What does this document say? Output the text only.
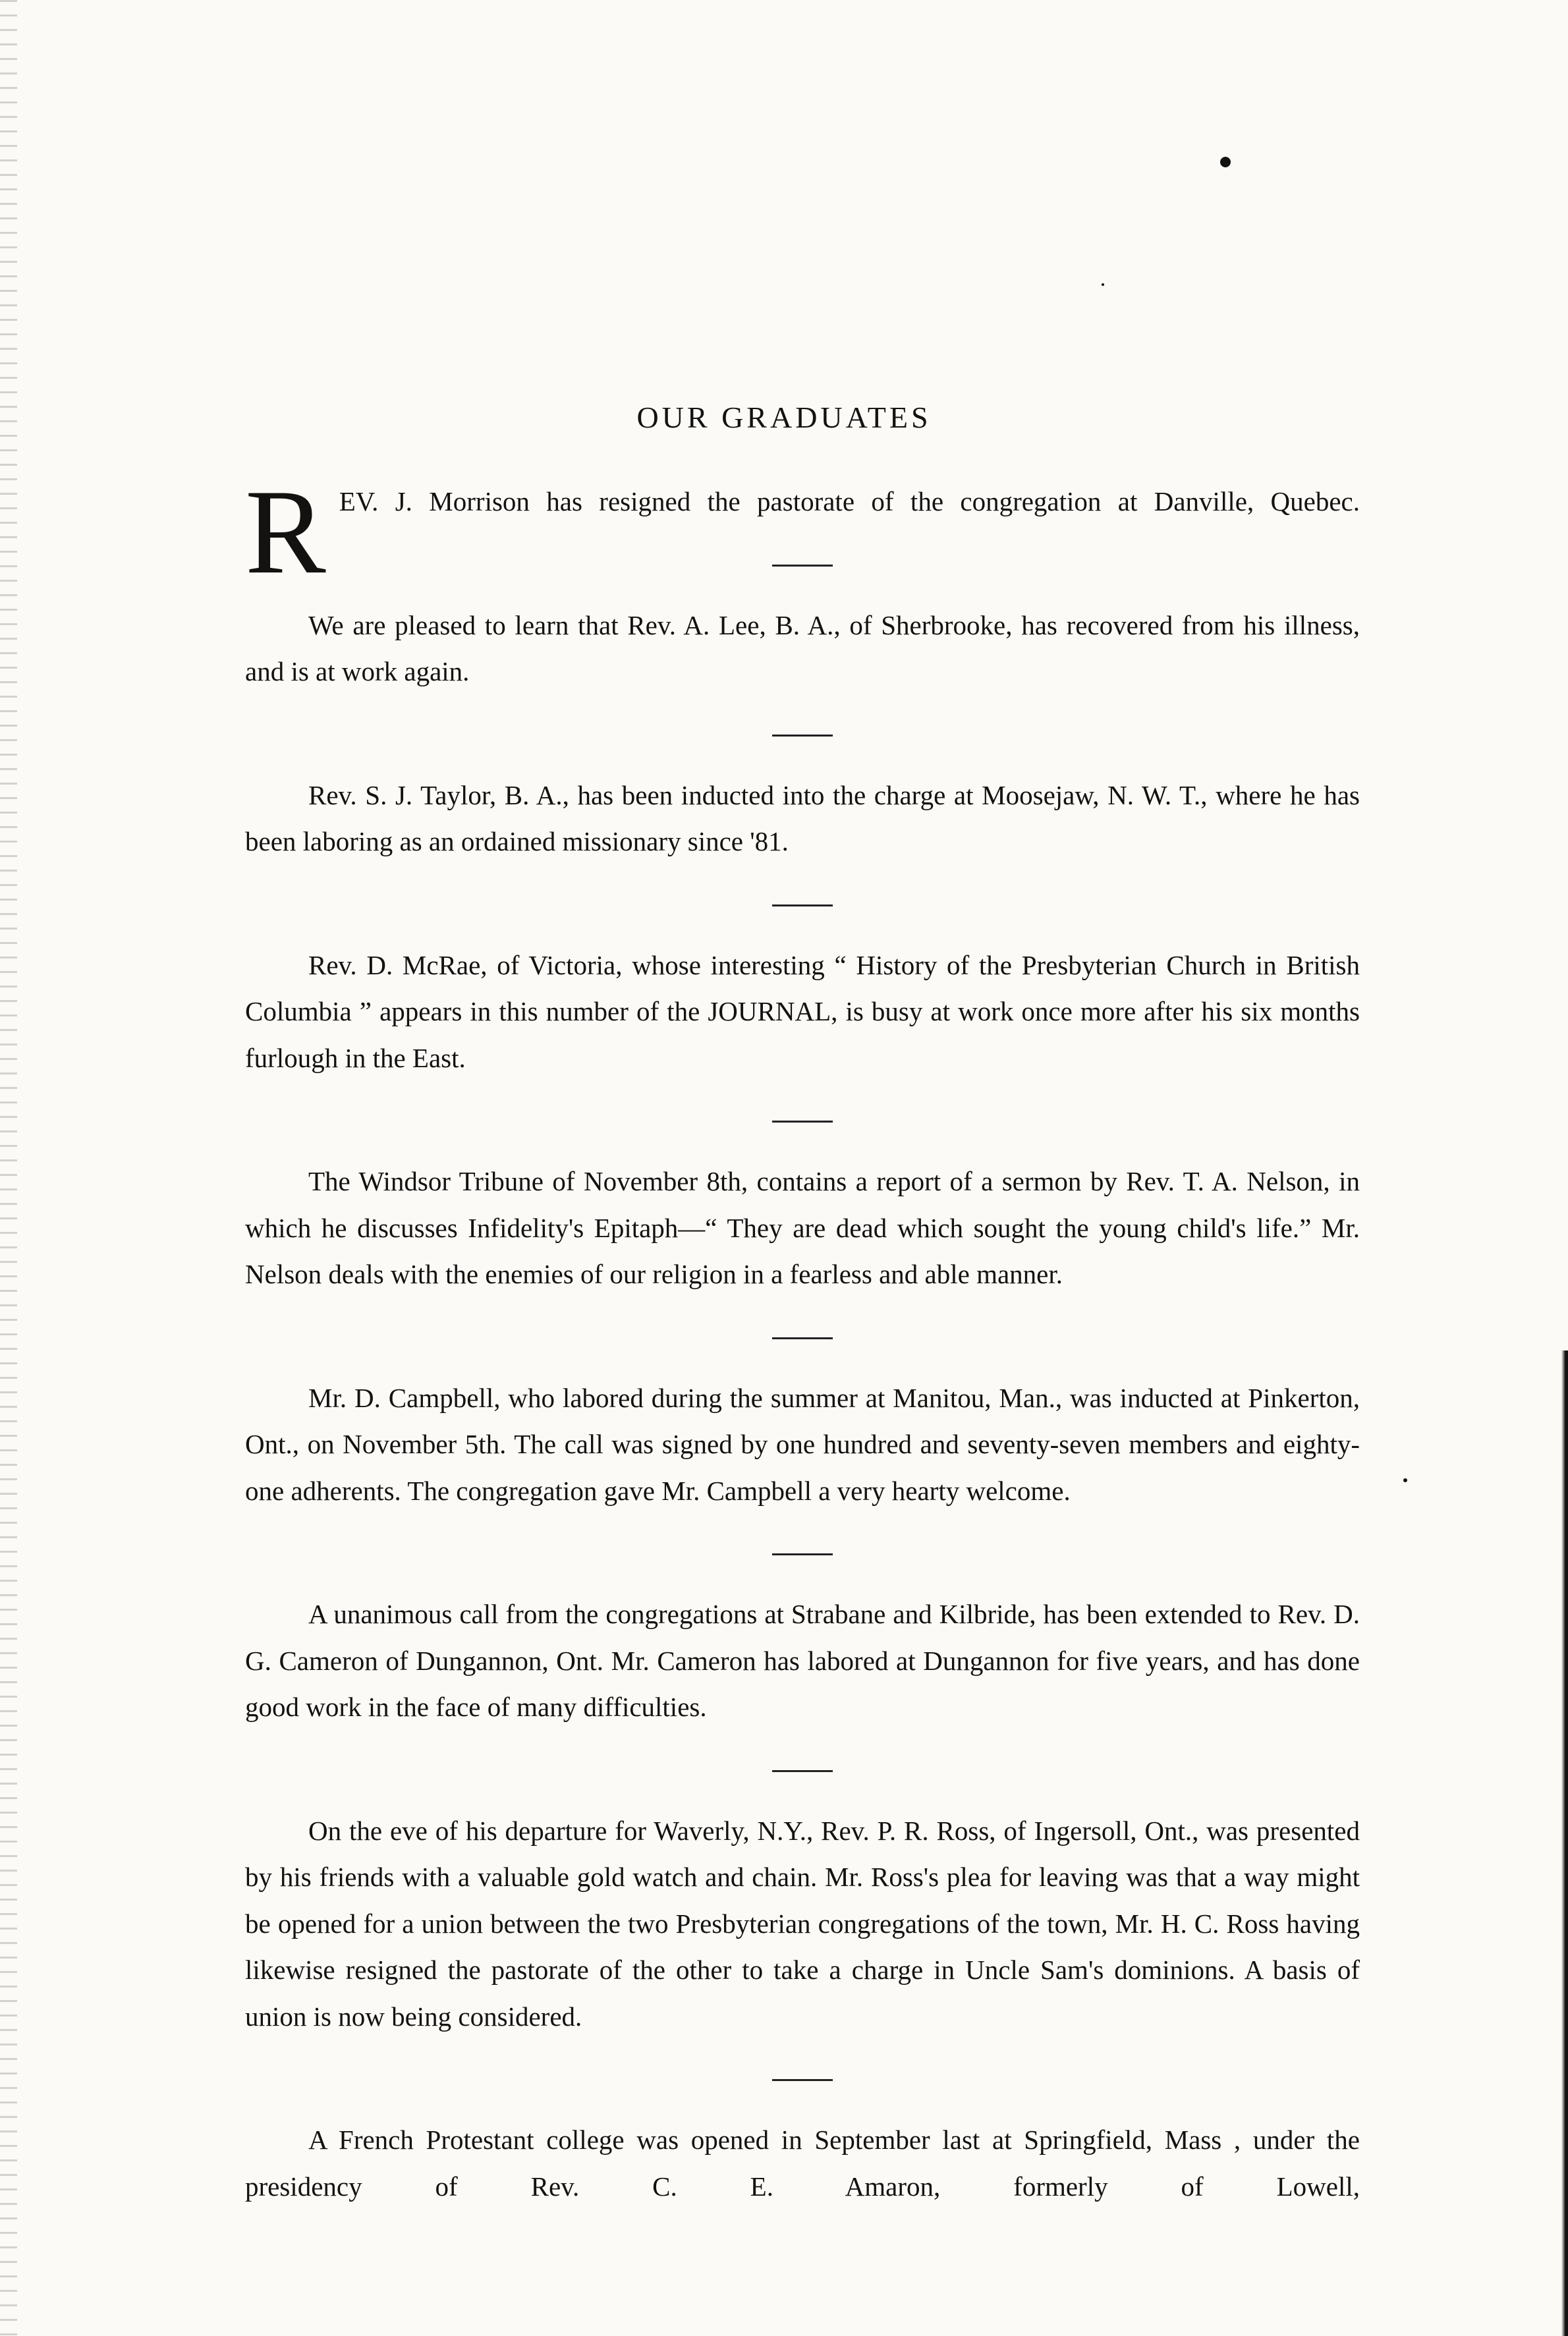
OUR GRADUATES

REV. J. Morrison has resigned the pastorate of the congregation at Danville, Quebec.

We are pleased to learn that Rev. A. Lee, B. A., of Sherbrooke, has recovered from his illness, and is at work again.

Rev. S. J. Taylor, B. A., has been inducted into the charge at Moosejaw, N. W. T., where he has been laboring as an ordained missionary since '81.

Rev. D. McRae, of Victoria, whose interesting “ History of the Presbyterian Church in British Columbia ” appears in this number of the JOURNAL, is busy at work once more after his six months furlough in the East.

The Windsor Tribune of November 8th, contains a report of a sermon by Rev. T. A. Nelson, in which he discusses Infidelity's Epitaph—“ They are dead which sought the young child's life.” Mr. Nelson deals with the enemies of our religion in a fearless and able manner.

Mr. D. Campbell, who labored during the summer at Manitou, Man., was inducted at Pinkerton, Ont., on November 5th. The call was signed by one hundred and seventy-seven members and eighty-one adherents. The congregation gave Mr. Campbell a very hearty welcome.

A unanimous call from the congregations at Strabane and Kilbride, has been extended to Rev. D. G. Cameron of Dungannon, Ont. Mr. Cameron has labored at Dungannon for five years, and has done good work in the face of many difficulties.

On the eve of his departure for Waverly, N.Y., Rev. P. R. Ross, of Ingersoll, Ont., was presented by his friends with a valuable gold watch and chain. Mr. Ross's plea for leaving was that a way might be opened for a union between the two Presbyterian congregations of the town, Mr. H. C. Ross having likewise resigned the pastorate of the other to take a charge in Uncle Sam's dominions. A basis of union is now being considered.

A French Protestant college was opened in September last at Springfield, Mass , under the presidency of Rev. C. E. Amaron, formerly of Lowell,
